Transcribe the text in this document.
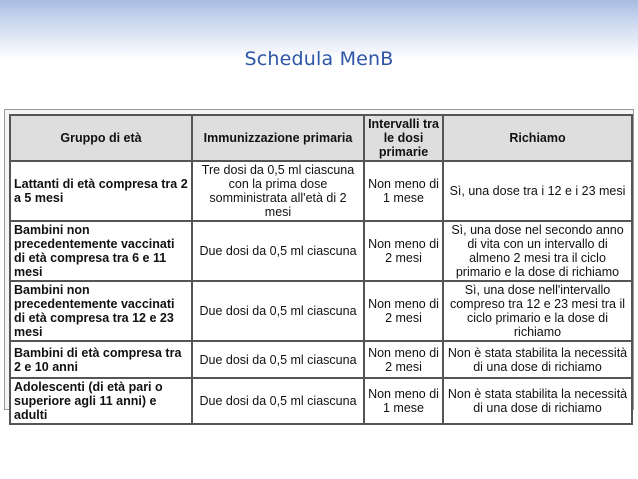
Schedula MenB
Gruppo di età	Immunizzazione primaria	Intervalli tra le dosi primarie	Richiamo
Lattanti di età compresa tra 2 a 5 mesi	Tre dosi da 0,5 ml ciascuna con la prima dose somministrata all'età di 2 mesi	Non meno di 1 mese	Sì, una dose tra i 12 e i 23 mesi
Bambini non precedentemente vaccinati di età compresa tra 6 e 11 mesi	Due dosi da 0,5 ml ciascuna	Non meno di 2 mesi	Sì, una dose nel secondo anno di vita con un intervallo di almeno 2 mesi tra il ciclo primario e la dose di richiamo
Bambini non precedentemente vaccinati di età compresa tra 12 e 23 mesi	Due dosi da 0,5 ml ciascuna	Non meno di 2 mesi	Sì, una dose nell'intervallo compreso tra 12 e 23 mesi tra il ciclo primario e la dose di richiamo
Bambini di età compresa tra 2 e 10 anni	Due dosi da 0,5 ml ciascuna	Non meno di 2 mesi	Non è stata stabilita la necessità di una dose di richiamo
Adolescenti (di età pari o superiore agli 11 anni) e adulti	Due dosi da 0,5 ml ciascuna	Non meno di 1 mese	Non è stata stabilita la necessità di una dose di richiamo
